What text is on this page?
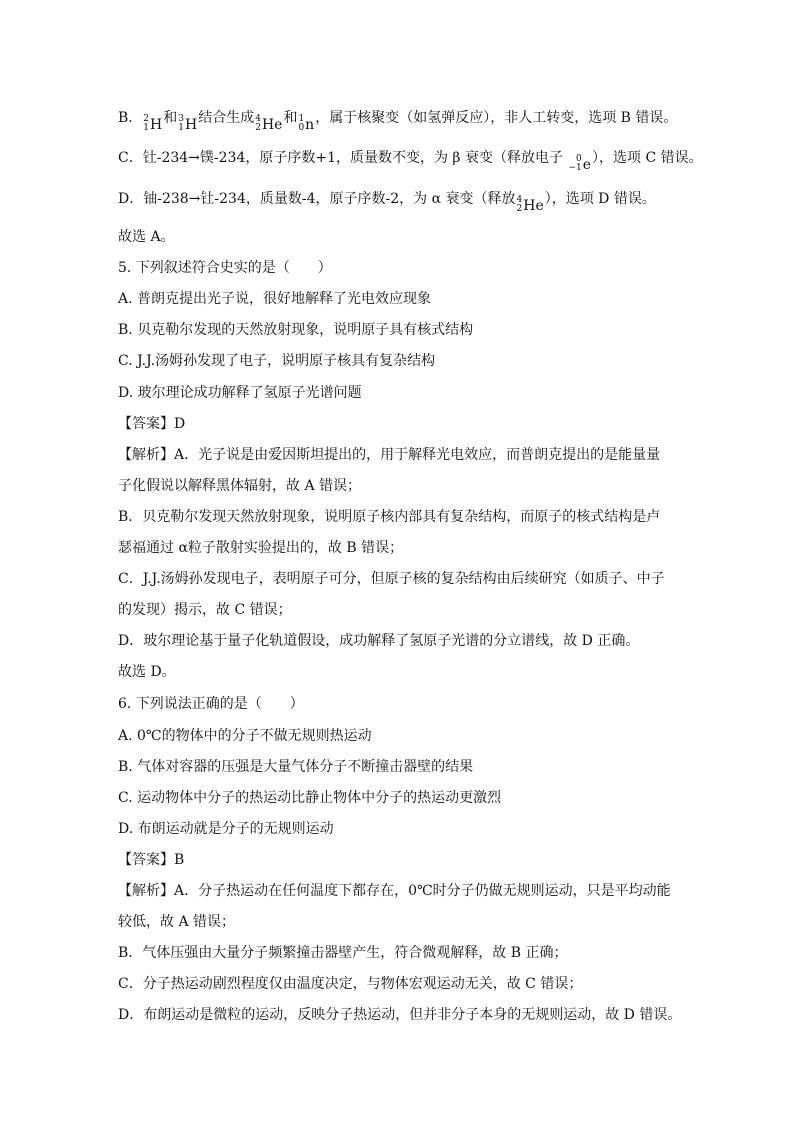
B． 2
1 H 和 3
1 H 结合生成 4
2 He 和 1
0 n ，属于核聚变（如氢弹反应），非人工转变，选项 B 错误。
C．钍-234→镤-234，原子序数+1，质量数不变，为 β 衰变（释放电子 0
−1 e ），选项 C 错误。
D．铀-238→钍-234，质量数-4，原子序数-2，为 α 衰变（释放 4
2 He ），选项 D 错误。
故选 A。
5. 下列叙述符合史实的是（　　）
A. 普朗克提出光子说，很好地解释了光电效应现象
B. 贝克勒尔发现的天然放射现象，说明原子具有核式结构
C. J.J.汤姆孙发现了电子，说明原子核具有复杂结构
D. 玻尔理论成功解释了氢原子光谱问题
【答案】D
【解析】A．光子说是由爱因斯坦提出的，用于解释光电效应，而普朗克提出的是能量量
子化假说以解释黑体辐射，故 A 错误；
B．贝克勒尔发现天然放射现象，说明原子核内部具有复杂结构，而原子的核式结构是卢
瑟福通过 α粒子散射实验提出的，故 B 错误；
C．J.J.汤姆孙发现电子，表明原子可分，但原子核的复杂结构由后续研究（如质子、中子
的发现）揭示，故 C 错误；
D．玻尔理论基于量子化轨道假设，成功解释了氢原子光谱的分立谱线，故 D 正确。
故选 D。
6. 下列说法正确的是（　　）
A. 0℃的物体中的分子不做无规则热运动
B. 气体对容器的压强是大量气体分子不断撞击器壁的结果
C. 运动物体中分子的热运动比静止物体中分子的热运动更激烈
D. 布朗运动就是分子的无规则运动
【答案】B
【解析】A．分子热运动在任何温度下都存在，0℃时分子仍做无规则运动，只是平均动能
较低，故 A 错误；
B．气体压强由大量分子频繁撞击器壁产生，符合微观解释，故 B 正确；
C．分子热运动剧烈程度仅由温度决定，与物体宏观运动无关，故 C 错误；
D．布朗运动是微粒的运动，反映分子热运动，但并非分子本身的无规则运动，故 D 错误。
